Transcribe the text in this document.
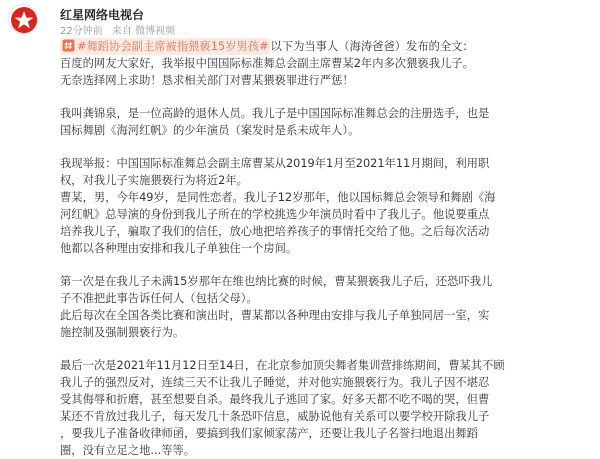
红星网络电视台
22分钟前 来自 微博视频

#舞蹈协会副主席被指猥亵15岁男孩# 以下为当事人（海涛爸爸）发布的全文：

百度的网友大家好，我举报中国国际标准舞总会副主席曹某2年内多次猥亵我儿子。
无奈选择网上求助！恳求相关部门对曹某猥亵罪进行严惩！

我叫龚锦泉，是一位高龄的退休人员。我儿子是中国国际标准舞总会的注册选手，也是
国标舞剧《海河红帆》的少年演员（案发时是系未成年人）。

我现举报：中国国际标准舞总会副主席曹某从2019年1月至2021年11月期间，利用职
权，对我儿子实施猥亵行为将近2年。
曹某，男，今年49岁，是同性恋者。我儿子12岁那年，他以国标舞总会领导和舞剧《海
河红帆》总导演的身份到我儿子所在的学校挑选少年演员时看中了我儿子。他说要重点
培养我儿子，骗取了我们的信任，放心地把培养孩子的事情托交给了他。之后每次活动
他都以各种理由安排和我儿子单独住一个房间。

第一次是在我儿子未满15岁那年在维也纳比赛的时候，曹某猥亵我儿子后，还恐吓我儿
子不准把此事告诉任何人（包括父母）。
此后每次在全国各类比赛和演出时，曹某都以各种理由安排与我儿子单独同居一室，实
施控制及强制猥亵行为。

最后一次是2021年11月12日至14日，在北京参加顶尖舞者集训营排练期间，曹某其不顾
我儿子的强烈反对，连续三天不让我儿子睡觉，并对他实施猥亵行为。我儿子因不堪忍
受其侮辱和折磨，甚至想要自杀。最终我儿子逃回了家。好多天都不吃不喝的哭，但曹
某还不肯放过我儿子，每天发几十条恐吓信息，威胁说他有关系可以要学校开除我儿子
，要我儿子准备收律师函，要搞到我们家倾家荡产，还要让我儿子名誉扫地退出舞蹈
圈，没有立足之地...等等。
